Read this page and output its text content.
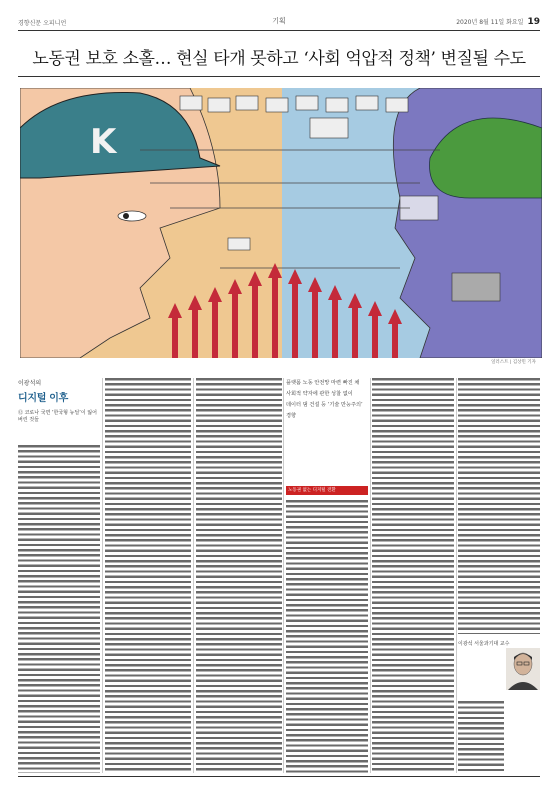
경향신문 오피니언	기획	2020년 8월 11일 화요일 19
노동권 보호 소홀… 현실 타개 못하고 ‘사회 억압적 정책’ 변질될 수도
K
일러스트 | 김상민 기자
이광석의
디지털 이후
⑫ 코로나 국면 ‘한국형 뉴딜’이 잃어버린 것들
플랫폼 노동 안전망 마련 빠진 채
사회적 약자에 관한 성찰 없이
데이터 댐 건설 등 ‘기술 만능주의’ 경향
노동권 없는 디지털 전환
이광석 서울과기대 교수
